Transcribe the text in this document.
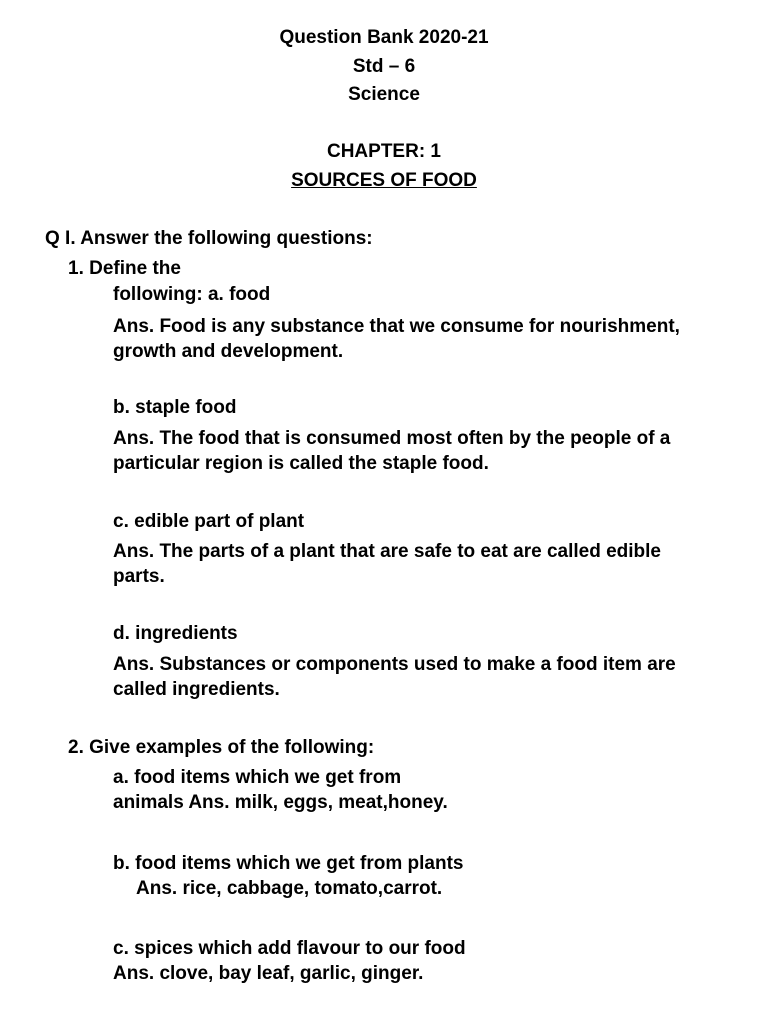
Question Bank 2020-21
Std – 6
Science
CHAPTER: 1
SOURCES OF FOOD
Q I. Answer the following questions:
1. Define the
following: a. food
Ans. Food is any substance that we consume for nourishment,
growth and development.
b. staple food
Ans. The food that is consumed most often by the people of a
particular region is called the staple food.
c. edible part of plant
Ans. The parts of a plant that are safe to eat are called edible
parts.
d. ingredients
Ans. Substances or components used to make a food item are
called ingredients.
2. Give examples of the following:
a. food items which we get from
animals Ans. milk, eggs, meat,honey.
b. food items which we get from plants
Ans. rice, cabbage, tomato,carrot.
c. spices which add flavour to our food
Ans. clove, bay leaf, garlic, ginger.
